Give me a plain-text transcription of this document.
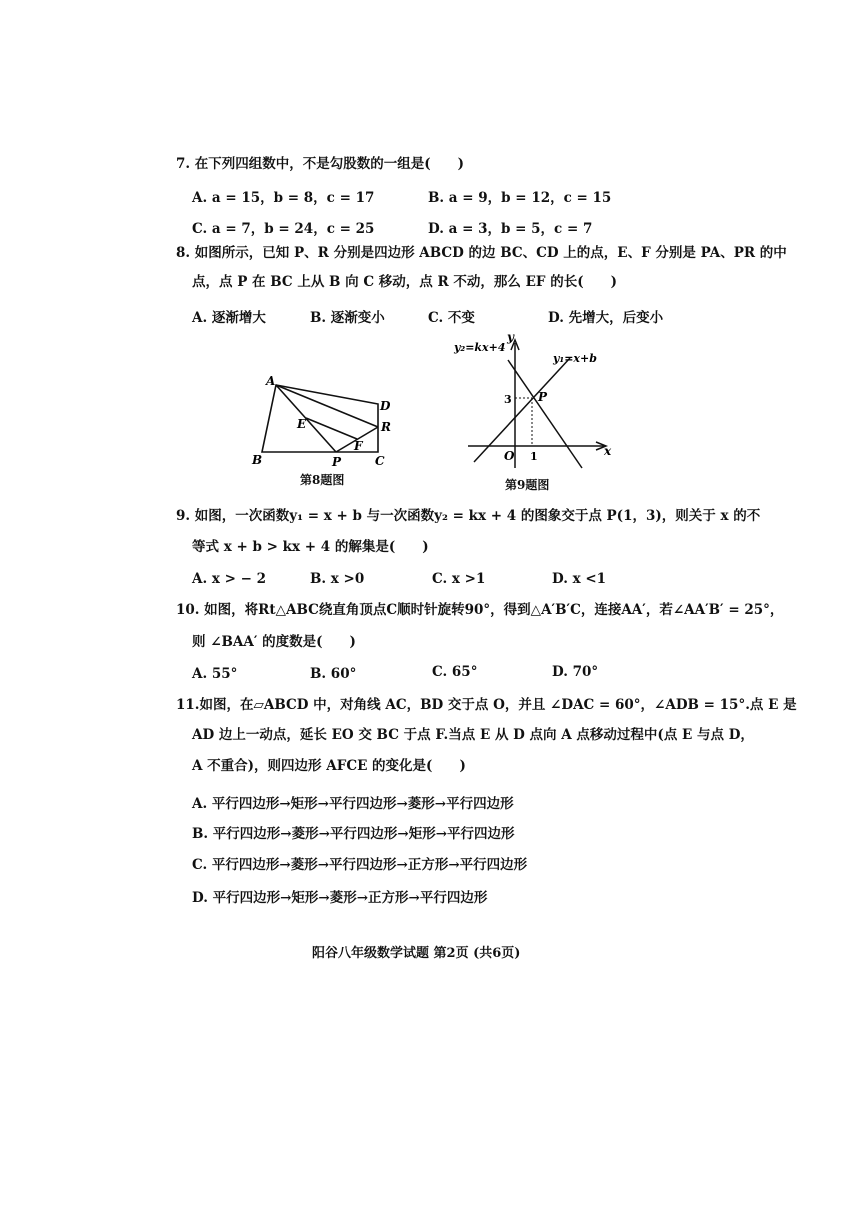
7. 在下列四组数中，不是勾股数的一组是(　　)
A. a = 15，b = 8，c = 17	B. a = 9，b = 12，c = 15
C. a = 7，b = 24，c = 25	D. a = 3，b = 5，c = 7
8. 如图所示，已知 P、R 分别是四边形 ABCD 的边 BC、CD 上的点，E、F 分别是 PA、PR 的中
点，点 P 在 BC 上从 B 向 C 移动，点 R 不动，那么 EF 的长(　　)
A. 逐渐增大	B. 逐渐变小	C. 不变	D. 先增大，后变小
A
B	C
D
E
F
P
R
第8题图
y
x
O 1
3 P
y₂=kx+4
y₁=x+b
第9题图
9. 如图，一次函数y₁ = x + b 与一次函数y₂ = kx + 4 的图象交于点 P(1，3)，则关于 x 的不
等式 x + b > kx + 4 的解集是(　　)
A. x > − 2	B. x >0	C. x >1	D. x <1
10. 如图，将Rt△ABC绕直角顶点C顺时针旋转90°，得到△A′B′C，连接AA′，若∠AA′B′ = 25°，
则 ∠BAA′ 的度数是(　　)
A. 55°	B. 60°	C. 65°	D. 70°
11.如图，在▱ABCD 中，对角线 AC，BD 交于点 O，并且 ∠DAC = 60°，∠ADB = 15°.点 E 是
AD 边上一动点，延长 EO 交 BC 于点 F.当点 E 从 D 点向 A 点移动过程中(点 E 与点 D，
A 不重合)，则四边形 AFCE 的变化是(　　)
A. 平行四边形→矩形→平行四边形→菱形→平行四边形
B. 平行四边形→菱形→平行四边形→矩形→平行四边形
C. 平行四边形→菱形→平行四边形→正方形→平行四边形
D. 平行四边形→矩形→菱形→正方形→平行四边形
阳谷八年级数学试题 第2页 (共6页)
